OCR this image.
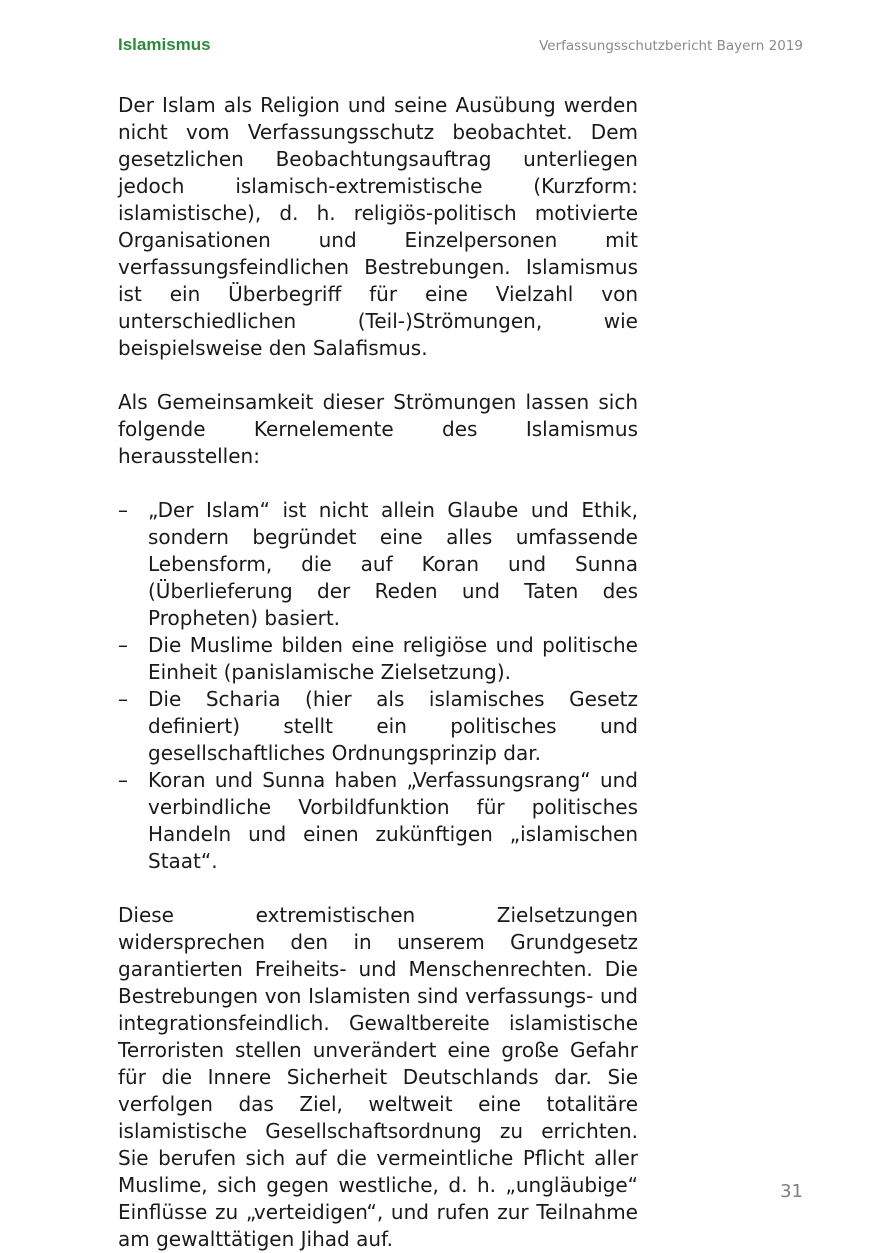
Islamismus	Verfassungsschutzbericht Bayern 2019

Der Islam als Religion und seine Ausübung werden nicht vom Verfassungsschutz beobachtet. Dem gesetzlichen Beobachtungsauftrag unterliegen jedoch islamisch-extremistische (Kurzform: islamistische), d. h. religiös-politisch motivierte Organisationen und Einzelpersonen mit verfassungsfeindlichen Bestrebungen. Islamismus ist ein Überbegriff für eine Vielzahl von unterschiedlichen (Teil-)Strömungen, wie beispielsweise den Salafismus.

Als Gemeinsamkeit dieser Strömungen lassen sich folgende Kernelemente des Islamismus herausstellen:

– „Der Islam“ ist nicht allein Glaube und Ethik, sondern begründet eine alles umfassende Lebensform, die auf Koran und Sunna (Überlieferung der Reden und Taten des Propheten) basiert.
– Die Muslime bilden eine religiöse und politische Einheit (panislamische Zielsetzung).
– Die Scharia (hier als islamisches Gesetz definiert) stellt ein politisches und gesellschaftliches Ordnungsprinzip dar.
– Koran und Sunna haben „Verfassungsrang“ und verbindliche Vorbildfunktion für politisches Handeln und einen zukünftigen „islamischen Staat“.

Diese extremistischen Zielsetzungen widersprechen den in unserem Grundgesetz garantierten Freiheits- und Menschenrechten. Die Bestrebungen von Islamisten sind verfassungs- und integrationsfeindlich. Gewaltbereite islamistische Terroristen stellen unverändert eine große Gefahr für die Innere Sicherheit Deutschlands dar. Sie verfolgen das Ziel, weltweit eine totalitäre islamistische Gesellschaftsordnung zu errichten. Sie berufen sich auf die vermeintliche Pflicht aller Muslime, sich gegen westliche, d. h. „ungläubige“ Einflüsse zu „verteidigen“, und rufen zur Teilnahme am gewalttätigen Jihad auf.

31
